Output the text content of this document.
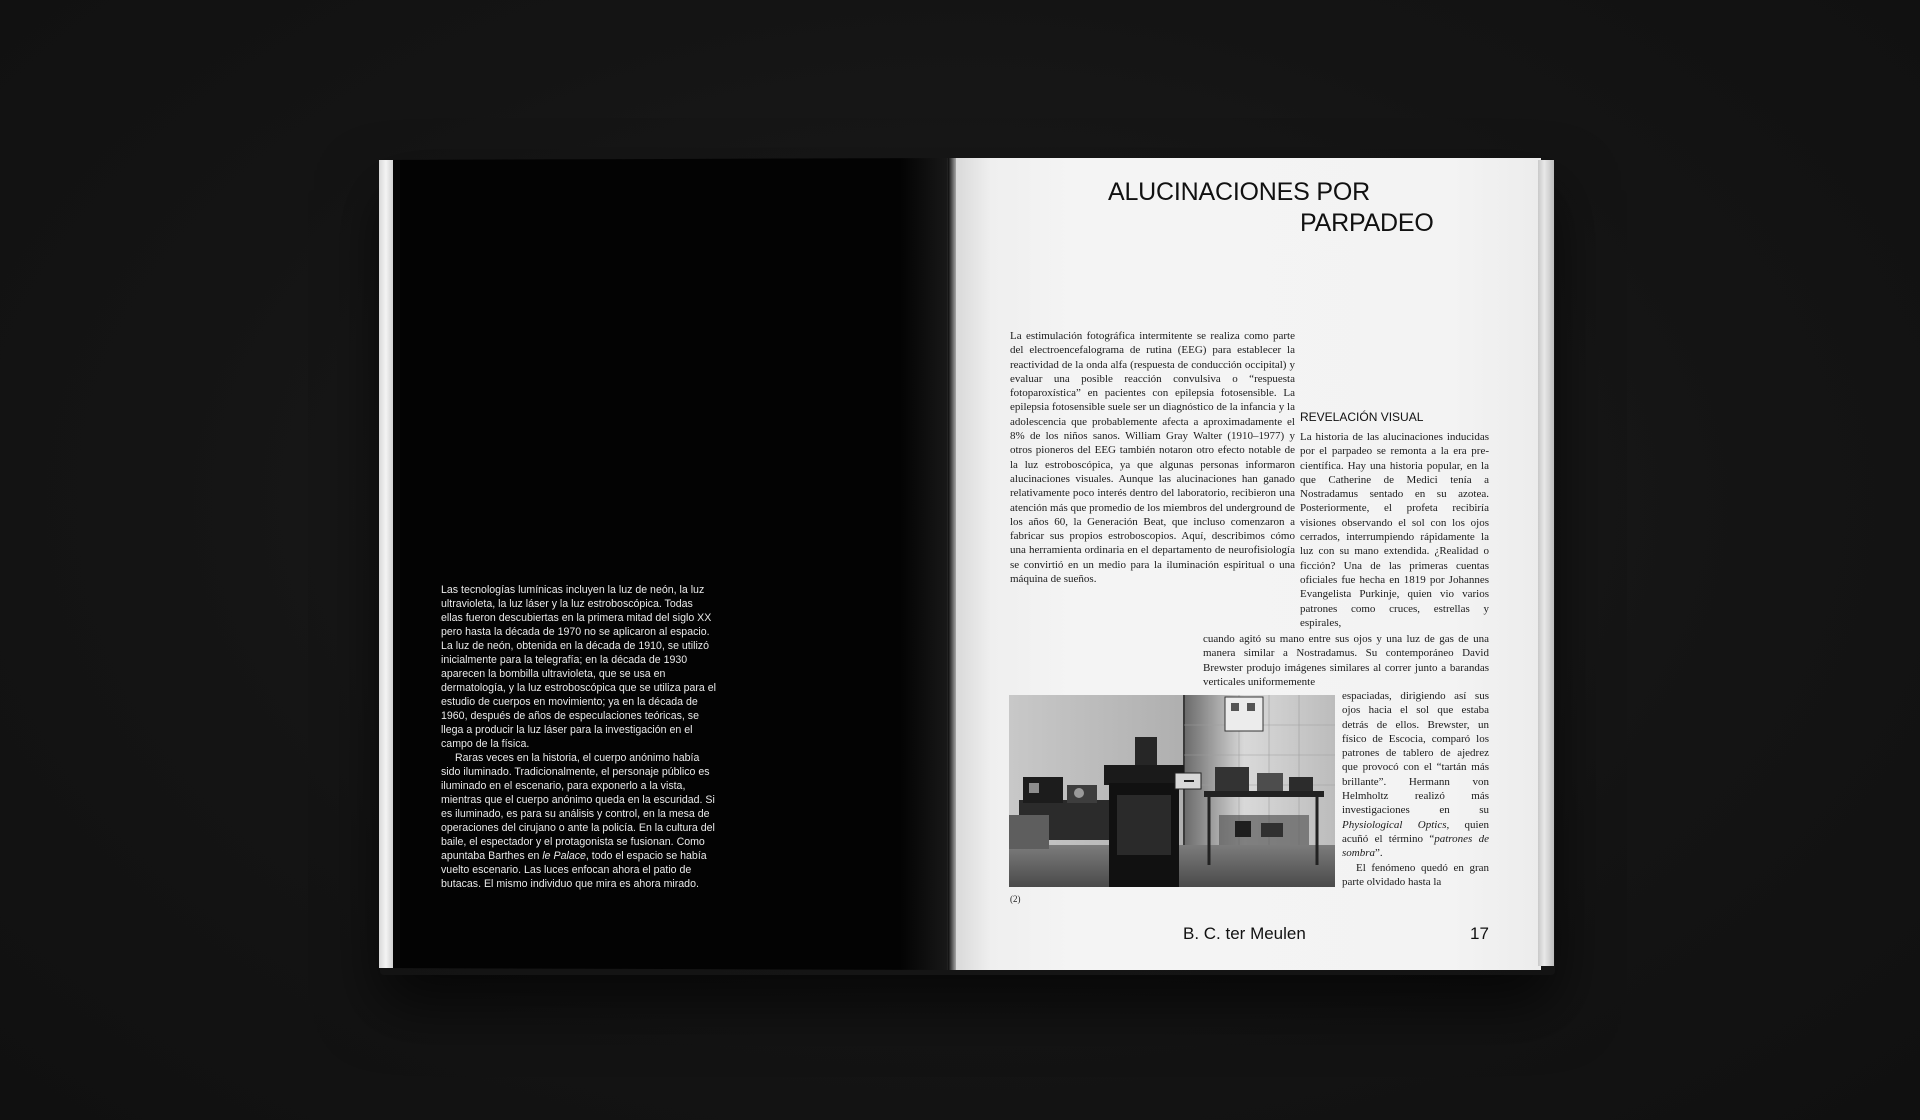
Las tecnologías lumínicas incluyen la luz de neón, la luz ultravioleta, la luz láser y la luz estroboscópica. Todas ellas fueron descubiertas en la primera mitad del siglo XX pero hasta la década de 1970 no se aplicaron al espacio. La luz de neón, obtenida en la década de 1910, se utilizó inicialmente para la telegrafía; en la década de 1930 aparecen la bombilla ultravioleta, que se usa en dermatología, y la luz estroboscópica que se utiliza para el estudio de cuerpos en movimiento; ya en la década de 1960, después de años de especulaciones teóricas, se llega a producir la luz láser para la investigación en el campo de la física.

Raras veces en la historia, el cuerpo anónimo había sido iluminado. Tradicionalmente, el personaje público es iluminado en el escenario, para exponerlo a la vista, mientras que el cuerpo anónimo queda en la escuridad. Si es iluminado, es para su análisis y control, en la mesa de operaciones del cirujano o ante la policía. En la cultura del baile, el espectador y el protagonista se fusionan. Como apuntaba Barthes en le Palace, todo el espacio se había vuelto escenario. Las luces enfocan ahora el patio de butacas. El mismo individuo que mira es ahora mirado.

ALUCINACIONES POR
PARPADEO

La estimulación fotográfica intermitente se realiza como parte del electroencefalograma de rutina (EEG) para establecer la reactividad de la onda alfa (respuesta de conducción occipital) y evaluar una posible reacción convulsiva o “respuesta fotoparoxística” en pacientes con epilepsia fotosensible. La epilepsia fotosensible suele ser un diagnóstico de la infancia y la adolescencia que probablemente afecta a aproximadamente el 8% de los niños sanos. William Gray Walter (1910–1977) y otros pioneros del EEG también notaron otro efecto notable de la luz estroboscópica, ya que algunas personas informaron alucinaciones visuales. Aunque las alucinaciones han ganado relativamente poco interés dentro del laboratorio, recibieron una atención más que promedio de los miembros del underground de los años 60, la Generación Beat, que incluso comenzaron a fabricar sus propios estroboscopios. Aquí, describimos cómo una herramienta ordinaria en el departamento de neurofisiología se convirtió en un medio para la iluminación espiritual o una máquina de sueños.

REVELACIÓN VISUAL

La historia de las alucinaciones inducidas por el parpadeo se remonta a la era pre-científica. Hay una historia popular, en la que Catherine de Medici tenía a Nostradamus sentado en su azotea. Posteriormente, el profeta recibiría visiones observando el sol con los ojos cerrados, interrumpiendo rápidamente la luz con su mano extendida. ¿Realidad o ficción? Una de las primeras cuentas oficiales fue hecha en 1819 por Johannes Evangelista Purkinje, quien vio varios patrones como cruces, estrellas y espirales,

cuando agitó su mano entre sus ojos y una luz de gas de una manera similar a Nostradamus. Su contemporáneo David Brewster produjo imágenes similares al correr junto a barandas verticales uniformemente

(2)

espaciadas, dirigiendo así sus ojos hacia el sol que estaba detrás de ellos. Brewster, un físico de Escocia, comparó los patrones de tablero de ajedrez que provocó con el “tartán más brillante”. Hermann von Helmholtz realizó más investigaciones en su Physiological Optics, quien acuñó el término “patrones de sombra”.

El fenómeno quedó en gran parte olvidado hasta la

B. C. ter Meulen	17
